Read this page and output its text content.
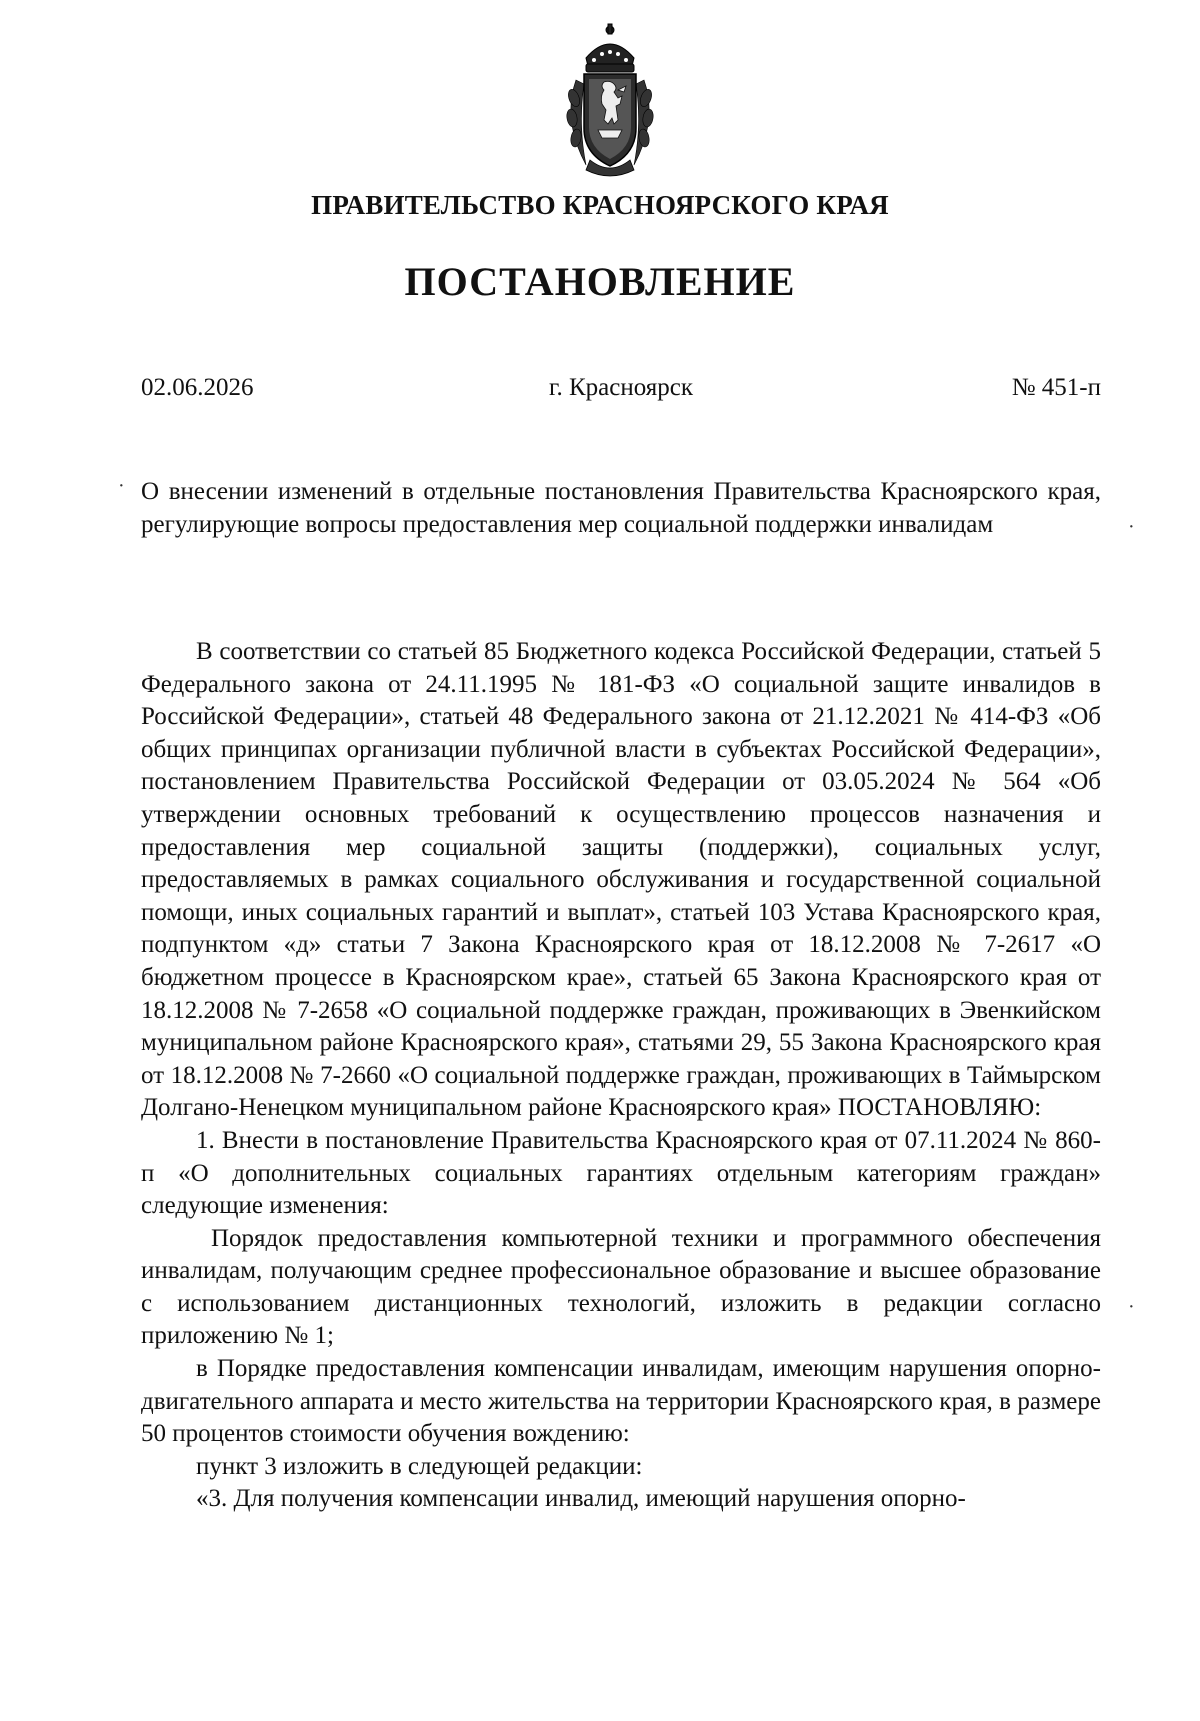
ПРАВИТЕЛЬСТВО КРАСНОЯРСКОГО КРАЯ
ПОСТАНОВЛЕНИЕ
02.06.2026	г. Красноярск	№ 451-п
·
·
·
О внесении изменений в отдельные постановления Правительства Красноярского края, регулирующие вопросы предоставления мер социальной поддержки инвалидам

В соответствии со статьей 85 Бюджетного кодекса Российской Федерации, статьей 5 Федерального закона от 24.11.1995 № 181-ФЗ «О социальной защите инвалидов в Российской Федерации», статьей 48 Федерального закона от 21.12.2021 № 414-ФЗ «Об общих принципах организации публичной власти в субъектах Российской Федерации», постановлением Правительства Российской Федерации от 03.05.2024 № 564 «Об утверждении основных требований к осуществлению процессов назначения и предоставления мер социальной защиты (поддержки), социальных услуг, предоставляемых в рамках социального обслуживания и государственной социальной помощи, иных социальных гарантий и выплат», статьей 103 Устава Красноярского края, подпунктом «д» статьи 7 Закона Красноярского края от 18.12.2008 № 7-2617 «О бюджетном процессе в Красноярском крае», статьей 65 Закона Красноярского края от 18.12.2008 № 7-2658 «О социальной поддержке граждан, проживающих в Эвенкийском муниципальном районе Красноярского края», статьями 29, 55 Закона Красноярского края от 18.12.2008 № 7-2660 «О социальной поддержке граждан, проживающих в Таймырском Долгано-Ненецком муниципальном районе Красноярского края» ПОСТАНОВЛЯЮ:

1. Внести в постановление Правительства Красноярского края от 07.11.2024 № 860-п «О дополнительных социальных гарантиях отдельным категориям граждан» следующие изменения:

Порядок предоставления компьютерной техники и программного обеспечения инвалидам, получающим среднее профессиональное образование и высшее образование с использованием дистанционных технологий, изложить в редакции согласно приложению № 1;

в Порядке предоставления компенсации инвалидам, имеющим нарушения опорно-двигательного аппарата и место жительства на территории Красноярского края, в размере 50 процентов стоимости обучения вождению:

пункт 3 изложить в следующей редакции:

«3. Для получения компенсации инвалид, имеющий нарушения опорно-
